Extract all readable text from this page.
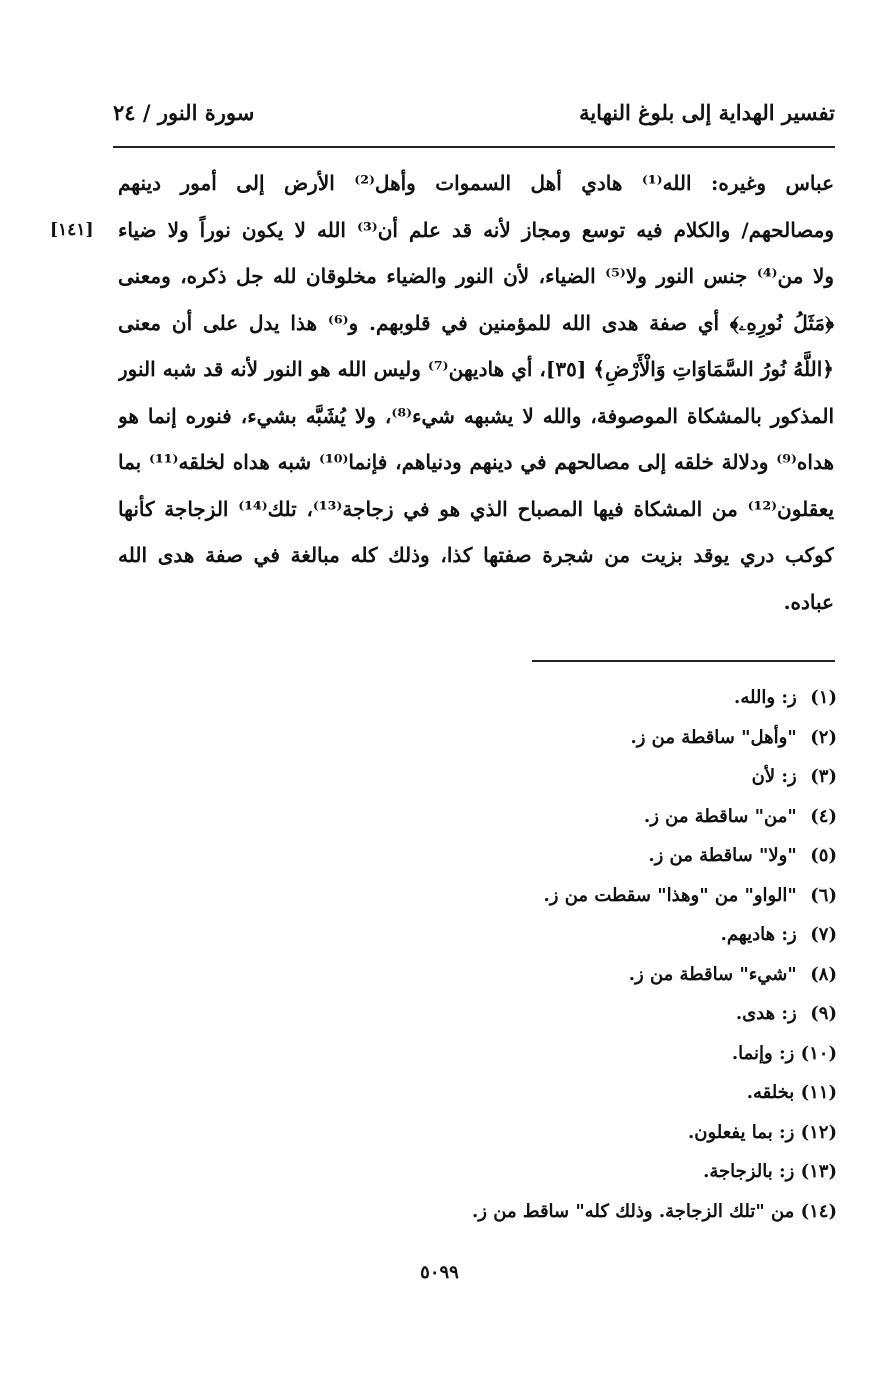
تفسير الهداية إلى بلوغ النهاية
سورة النور / ٢٤
[١٤١]
عباس وغيره: الله⁽¹⁾ هادي أهل السموات وأهل⁽²⁾ الأرض إلى أمور دينهم
ومصالحهم/ والكلام فيه توسع ومجاز لأنه قد علم أن⁽³⁾ الله لا يكون نوراً ولا ضياء
ولا من⁽⁴⁾ جنس النور ولا⁽⁵⁾ الضياء، لأن النور والضياء مخلوقان لله جل ذكره، ومعنى
﴿مَثَلُ نُورِهِۦ﴾ أي صفة هدى الله للمؤمنين في قلوبهم. و⁽⁶⁾ هذا يدل على أن معنى
﴿اللَّهُ نُورُ السَّمَاوَاتِ وَالْأَرْضِ﴾ [٣٥]، أي هاديهن⁽⁷⁾ وليس الله هو النور لأنه قد شبه النور
المذكور بالمشكاة الموصوفة، والله لا يشبهه شيء⁽⁸⁾، ولا يُشَبَّه بشيء، فنوره إنما هو
هداه⁽⁹⁾ ودلالة خلقه إلى مصالحهم في دينهم ودنياهم، فإنما⁽¹⁰⁾ شبه هداه لخلقه⁽¹¹⁾ بما
يعقلون⁽¹²⁾ من المشكاة فيها المصباح الذي هو في زجاجة⁽¹³⁾، تلك⁽¹⁴⁾ الزجاجة كأنها
كوكب دري يوقد بزيت من شجرة صفتها كذا، وذلك كله مبالغة في صفة هدى الله
عباده.
(١) ز: والله.
(٢) "وأهل" ساقطة من ز.
(٣) ز: لأن
(٤) "من" ساقطة من ز.
(٥) "ولا" ساقطة من ز.
(٦) "الواو" من "وهذا" سقطت من ز.
(٧) ز: هاديهم.
(٨) "شيء" ساقطة من ز.
(٩) ز: هدى.
(١٠) ز: وإنما.
(١١) بخلقه.
(١٢) ز: بما يفعلون.
(١٣) ز: بالزجاجة.
(١٤) من "تلك الزجاجة. وذلك كله" ساقط من ز.
٥٠٩٩
